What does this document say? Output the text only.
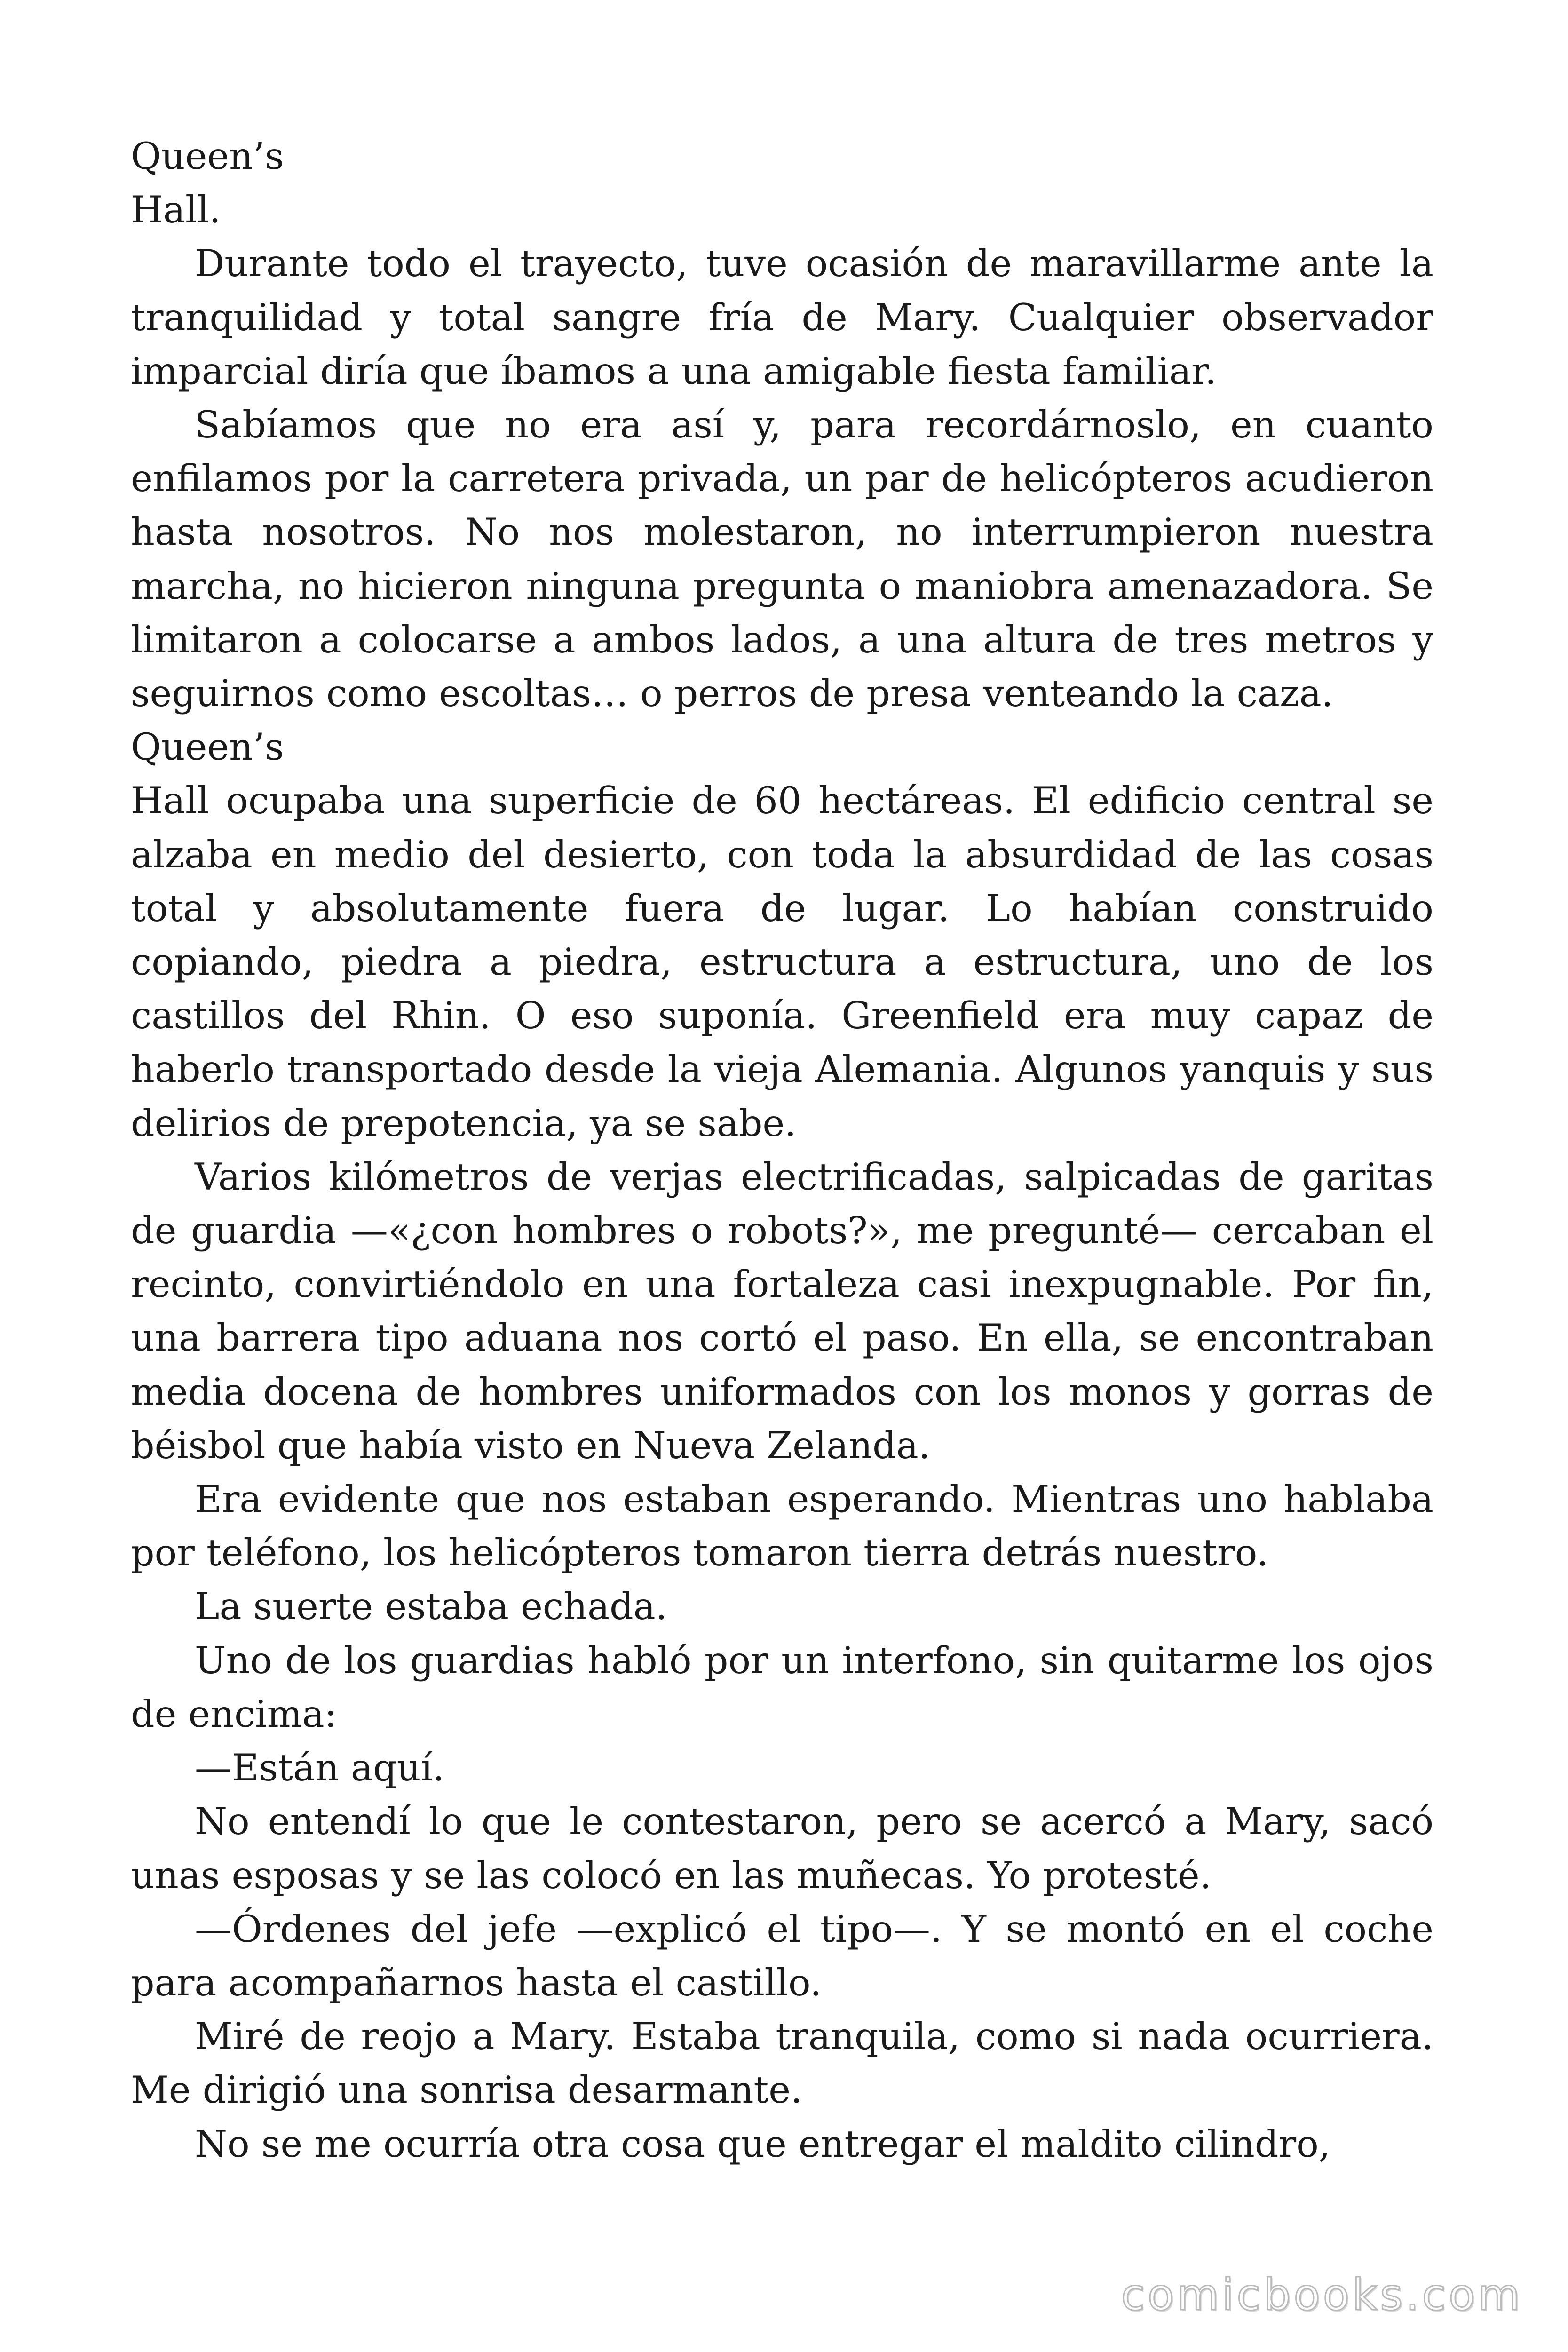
Queen’s
Hall.

Durante todo el trayecto, tuve ocasión de maravillarme ante la tranquilidad y total sangre fría de Mary. Cualquier observador imparcial diría que íbamos a una amigable fiesta familiar.

Sabíamos que no era así y, para recordárnoslo, en cuanto enfilamos por la carretera privada, un par de helicópteros acudieron hasta nosotros. No nos molestaron, no interrumpieron nuestra marcha, no hicieron ninguna pregunta o maniobra amenazadora. Se limitaron a colocarse a ambos lados, a una altura de tres metros y seguirnos como escoltas… o perros de presa venteando la caza.

Queen’s

Hall ocupaba una superficie de 60 hectáreas. El edificio central se alzaba en medio del desierto, con toda la absurdidad de las cosas total y absolutamente fuera de lugar. Lo habían construido copiando, piedra a piedra, estructura a estructura, uno de los castillos del Rhin. O eso suponía. Greenfield era muy capaz de haberlo transportado desde la vieja Alemania. Algunos yanquis y sus delirios de prepotencia, ya se sabe.

Varios kilómetros de verjas electrificadas, salpicadas de garitas de guardia —«¿con hombres o robots?», me pregunté— cercaban el recinto, convirtiéndolo en una fortaleza casi inexpugnable. Por fin, una barrera tipo aduana nos cortó el paso. En ella, se encontraban media docena de hombres uniformados con los monos y gorras de béisbol que había visto en Nueva Zelanda.

Era evidente que nos estaban esperando. Mientras uno hablaba por teléfono, los helicópteros tomaron tierra detrás nuestro.

La suerte estaba echada.

Uno de los guardias habló por un interfono, sin quitarme los ojos de encima:

—Están aquí.

No entendí lo que le contestaron, pero se acercó a Mary, sacó unas esposas y se las colocó en las muñecas. Yo protesté.

—Órdenes del jefe —explicó el tipo—. Y se montó en el coche para acompañarnos hasta el castillo.

Miré de reojo a Mary. Estaba tranquila, como si nada ocurriera. Me dirigió una sonrisa desarmante.

No se me ocurría otra cosa que entregar el maldito cilindro,

comicbooks.com
